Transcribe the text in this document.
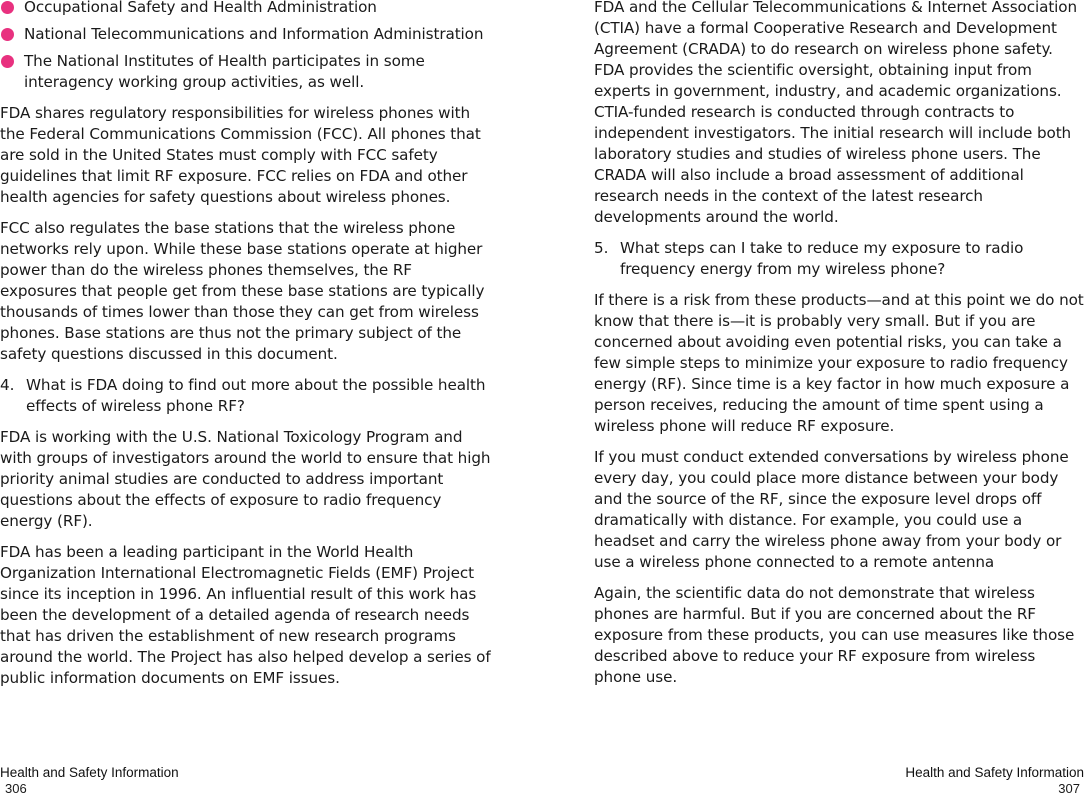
Occupational Safety and Health Administration
National Telecommunications and Information Administration
The National Institutes of Health participates in some interagency working group activities, as well.

FDA shares regulatory responsibilities for wireless phones with the Federal Communications Commission (FCC). All phones that are sold in the United States must comply with FCC safety guidelines that limit RF exposure. FCC relies on FDA and other health agencies for safety questions about wireless phones.

FCC also regulates the base stations that the wireless phone networks rely upon. While these base stations operate at higher power than do the wireless phones themselves, the RF exposures that people get from these base stations are typically thousands of times lower than those they can get from wireless phones. Base stations are thus not the primary subject of the safety questions discussed in this document.

4. What is FDA doing to find out more about the possible health effects of wireless phone RF?

FDA is working with the U.S. National Toxicology Program and with groups of investigators around the world to ensure that high priority animal studies are conducted to address important questions about the effects of exposure to radio frequency energy (RF).

FDA has been a leading participant in the World Health Organization International Electromagnetic Fields (EMF) Project since its inception in 1996. An influential result of this work has been the development of a detailed agenda of research needs that has driven the establishment of new research programs around the world. The Project has also helped develop a series of public information documents on EMF issues.

FDA and the Cellular Telecommunications & Internet Association (CTIA) have a formal Cooperative Research and Development Agreement (CRADA) to do research on wireless phone safety. FDA provides the scientific oversight, obtaining input from experts in government, industry, and academic organizations. CTIA-funded research is conducted through contracts to independent investigators. The initial research will include both laboratory studies and studies of wireless phone users. The CRADA will also include a broad assessment of additional research needs in the context of the latest research developments around the world.

5. What steps can I take to reduce my exposure to radio frequency energy from my wireless phone?

If there is a risk from these products—and at this point we do not know that there is—it is probably very small. But if you are concerned about avoiding even potential risks, you can take a few simple steps to minimize your exposure to radio frequency energy (RF). Since time is a key factor in how much exposure a person receives, reducing the amount of time spent using a wireless phone will reduce RF exposure.

If you must conduct extended conversations by wireless phone every day, you could place more distance between your body and the source of the RF, since the exposure level drops off dramatically with distance. For example, you could use a headset and carry the wireless phone away from your body or use a wireless phone connected to a remote antenna

Again, the scientific data do not demonstrate that wireless phones are harmful. But if you are concerned about the RF exposure from these products, you can use measures like those described above to reduce your RF exposure from wireless phone use.

Health and Safety Information
306
Health and Safety Information
307
